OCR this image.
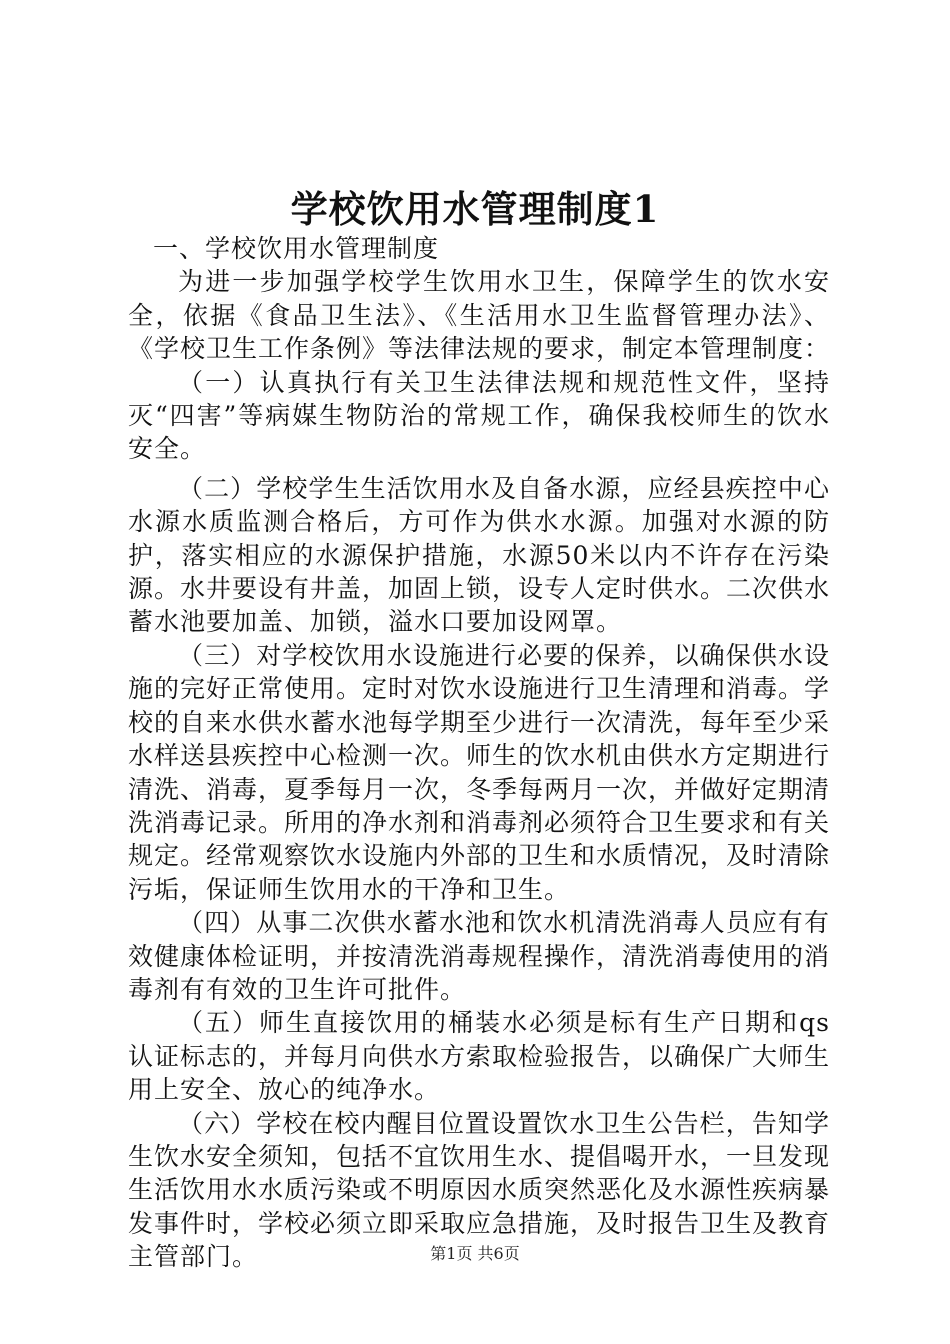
学校饮用水管理制度1

一、学校饮用水管理制度

为进一步加强学校学生饮用水卫生，保障学生的饮水安全，依据《食品卫生法》、《生活用水卫生监督管理办法》、《学校卫生工作条例》等法律法规的要求，制定本管理制度：

（一）认真执行有关卫生法律法规和规范性文件，坚持灭“四害”等病媒生物防治的常规工作，确保我校师生的饮水安全。

（二）学校学生生活饮用水及自备水源，应经县疾控中心水源水质监测合格后，方可作为供水水源。加强对水源的防护，落实相应的水源保护措施，水源50米以内不许存在污染源。水井要设有井盖，加固上锁，设专人定时供水。二次供水蓄水池要加盖、加锁，溢水口要加设网罩。

（三）对学校饮用水设施进行必要的保养，以确保供水设施的完好正常使用。定时对饮水设施进行卫生清理和消毒。学校的自来水供水蓄水池每学期至少进行一次清洗，每年至少采水样送县疾控中心检测一次。师生的饮水机由供水方定期进行清洗、消毒，夏季每月一次，冬季每两月一次，并做好定期清洗消毒记录。所用的净水剂和消毒剂必须符合卫生要求和有关规定。经常观察饮水设施内外部的卫生和水质情况，及时清除污垢，保证师生饮用水的干净和卫生。

（四）从事二次供水蓄水池和饮水机清洗消毒人员应有有效健康体检证明，并按清洗消毒规程操作，清洗消毒使用的消毒剂有有效的卫生许可批件。

（五）师生直接饮用的桶装水必须是标有生产日期和qs认证标志的，并每月向供水方索取检验报告，以确保广大师生用上安全、放心的纯净水。

（六）学校在校内醒目位置设置饮水卫生公告栏，告知学生饮水安全须知，包括不宜饮用生水、提倡喝开水，一旦发现生活饮用水水质污染或不明原因水质突然恶化及水源性疾病暴发事件时，学校必须立即采取应急措施，及时报告卫生及教育主管部门。	第1页 共6页
